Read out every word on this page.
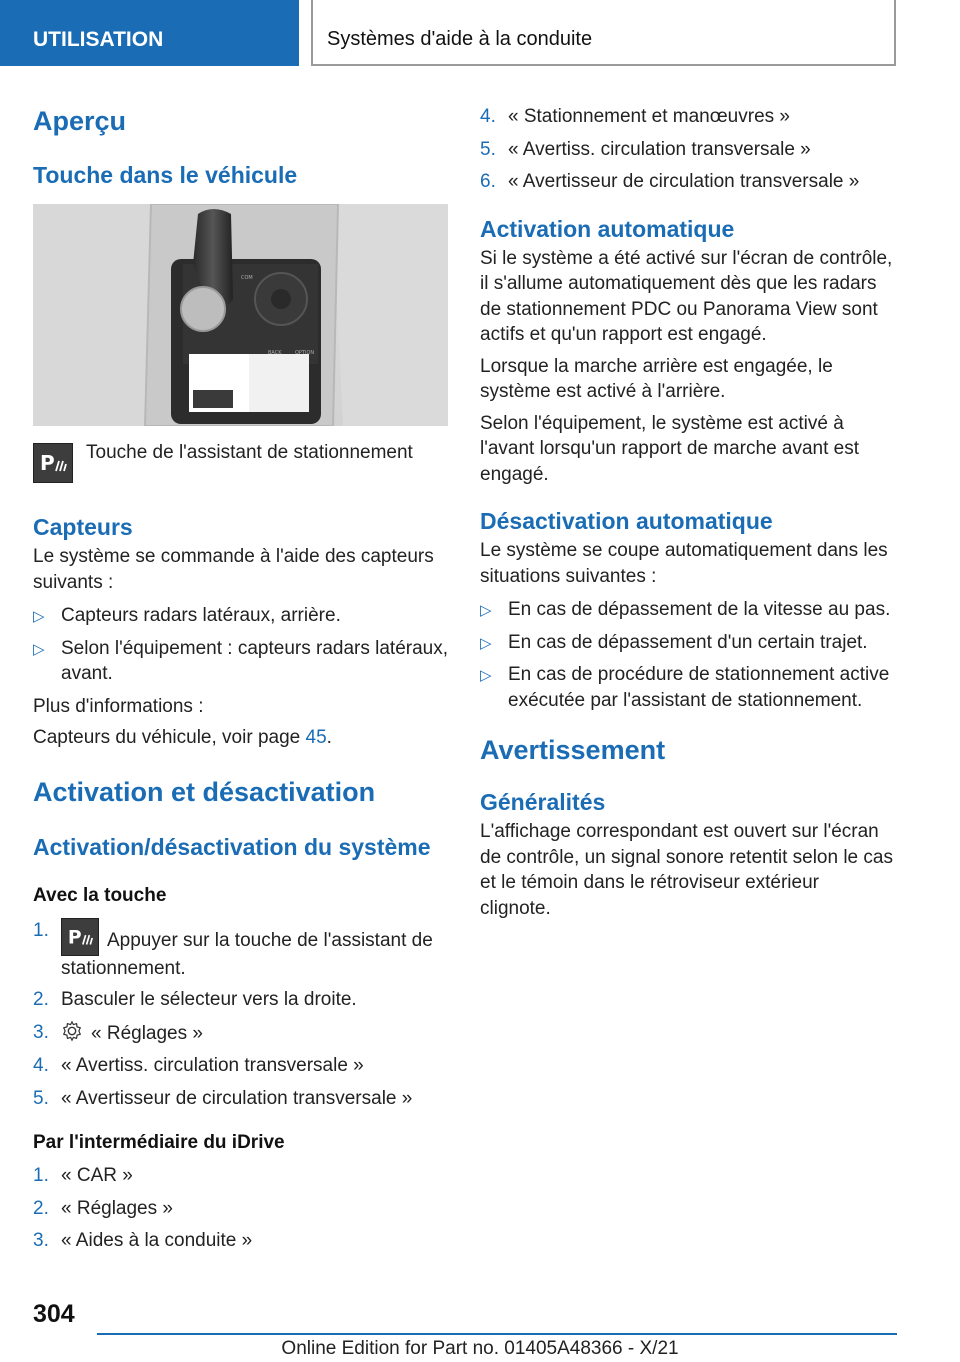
UTILISATION	Systèmes d'aide à la conduite
Aperçu
Touche dans le véhicule
COM
BACK	OPTION
P Touche de l'assistant de stationnement
Capteurs

Le système se commande à l'aide des capteurs suivants :

▷ Capteurs radars latéraux, arrière.
▷ Selon l'équipement : capteurs radars latéraux, avant.

Plus d'informations :

Capteurs du véhicule, voir page 45.

Activation et désactivation
Activation/désactivation du système
Avec la touche
1. P Appuyer sur la touche de l'assistant de stationnement.
2. Basculer le sélecteur vers la droite.
3. « Réglages »
4. « Avertiss. circulation transversale »
5. « Avertisseur de circulation transversale »
Par l'intermédiaire du iDrive
1. « CAR »
2. « Réglages »
3. « Aides à la conduite »
4. « Stationnement et manœuvres »
5. « Avertiss. circulation transversale »
6. « Avertisseur de circulation transversale »
Activation automatique

Si le système a été activé sur l'écran de contrôle, il s'allume automatiquement dès que les radars de stationnement PDC ou Panorama View sont actifs et qu'un rapport est engagé.

Lorsque la marche arrière est engagée, le système est activé à l'arrière.

Selon l'équipement, le système est activé à l'avant lorsqu'un rapport de marche avant est engagé.

Désactivation automatique

Le système se coupe automatiquement dans les situations suivantes :

▷ En cas de dépassement de la vitesse au pas.
▷ En cas de dépassement d'un certain trajet.
▷ En cas de procédure de stationnement active exécutée par l'assistant de stationnement.
Avertissement
Généralités

L'affichage correspondant est ouvert sur l'écran de contrôle, un signal sonore retentit selon le cas et le témoin dans le rétroviseur extérieur clignote.

304
Online Edition for Part no. 01405A48366 - X/21
